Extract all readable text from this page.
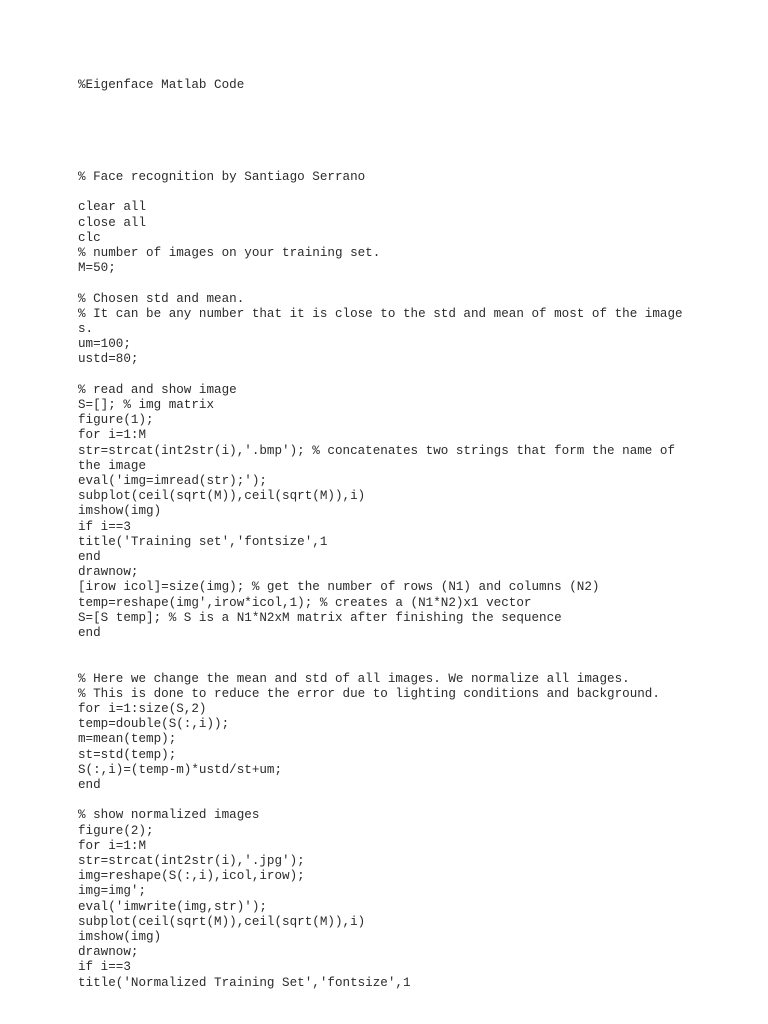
%Eigenface Matlab Code

% Face recognition by Santiago Serrano

clear all

close all

clc

% number of images on your training set.

M=50;

% Chosen std and mean.

% It can be any number that it is close to the std and mean of most of the image

s.

um=100;

ustd=80;

% read and show image

S=[]; % img matrix

figure(1);

for i=1:M

str=strcat(int2str(i),'.bmp'); % concatenates two strings that form the name of

the image

eval('img=imread(str);');

subplot(ceil(sqrt(M)),ceil(sqrt(M)),i)

imshow(img)

if i==3

title('Training set','fontsize',1

end

drawnow;

[irow icol]=size(img); % get the number of rows (N1) and columns (N2)

temp=reshape(img',irow*icol,1); % creates a (N1*N2)x1 vector

S=[S temp]; % S is a N1*N2xM matrix after finishing the sequence

end

% Here we change the mean and std of all images. We normalize all images.

% This is done to reduce the error due to lighting conditions and background.

for i=1:size(S,2)

temp=double(S(:,i));

m=mean(temp);

st=std(temp);

S(:,i)=(temp-m)*ustd/st+um;

end

% show normalized images

figure(2);

for i=1:M

str=strcat(int2str(i),'.jpg');

img=reshape(S(:,i),icol,irow);

img=img';

eval('imwrite(img,str)');

subplot(ceil(sqrt(M)),ceil(sqrt(M)),i)

imshow(img)

drawnow;

if i==3

title('Normalized Training Set','fontsize',1
